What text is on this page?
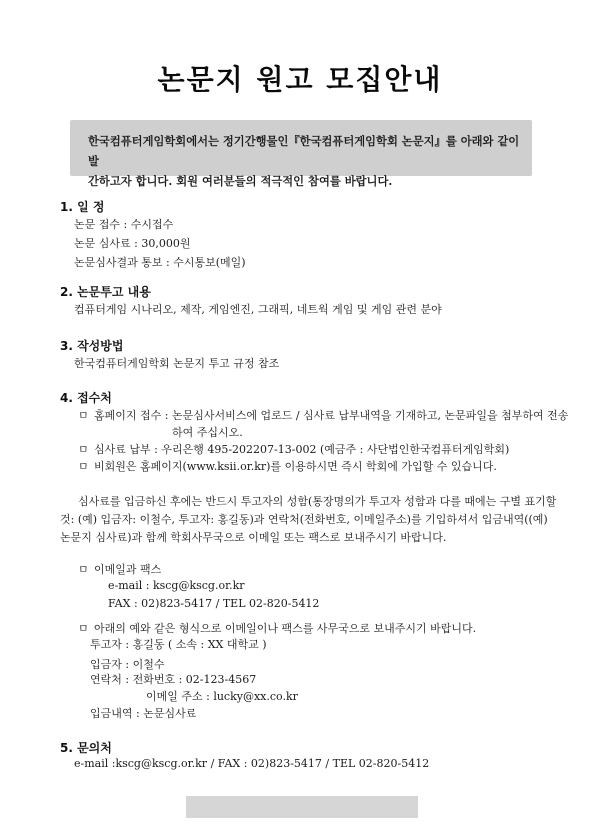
논문지 원고 모집안내
한국컴퓨터게임학회에서는 정기간행물인『한국컴퓨터게임학회 논문지』를 아래와 같이 발
간하고자 합니다. 회원 여러분들의 적극적인 참여를 바랍니다.
1. 일 정
논문 접수 : 수시접수
논문 심사료 : 30,000원
논문심사결과 통보 : 수시통보(메일)
2. 논문투고 내용
컴퓨터게임 시나리오, 제작, 게임엔진, 그래픽, 네트웍 게임 및 게임 관련 분야
3. 작성방법
한국컴퓨터게임학회 논문지 투고 규정 참조
4. 접수처
ㅁ 홈페이지 접수 : 논문심사서비스에 업로드 / 심사료 납부내역을 기재하고, 논문파일을 첨부하여 전송
하여 주십시오.
ㅁ 심사료 납부 : 우리은행 495-202207-13-002 (예금주 : 사단법인한국컴퓨터게임학회)
ㅁ 비회원은 홈페이지(www.ksii.or.kr)를 이용하시면 즉시 학회에 가입할 수 있습니다.
심사료를 입금하신 후에는 반드시 투고자의 성함(통장명의가 투고자 성함과 다를 때에는 구별 표기할
것: (예) 입금자: 이철수, 투고자: 홍길동)과 연락처(전화번호, 이메일주소)를 기입하셔서 입금내역((예)
논문지 심사료)과 함께 학회사무국으로 이메일 또는 팩스로 보내주시기 바랍니다.
ㅁ 이메일과 팩스
e-mail : kscg@kscg.or.kr
FAX : 02)823-5417 / TEL 02-820-5412
ㅁ 아래의 예와 같은 형식으로 이메일이나 팩스를 사무국으로 보내주시기 바랍니다.
투고자 : 홍길동 ( 소속 : XX 대학교 )
입금자 : 이철수
연락처 : 전화번호 : 02-123-4567
이메일 주소 : lucky@xx.co.kr
입금내역 : 논문심사료
5. 문의처
e-mail :kscg@kscg.or.kr / FAX : 02)823-5417 / TEL 02-820-5412
